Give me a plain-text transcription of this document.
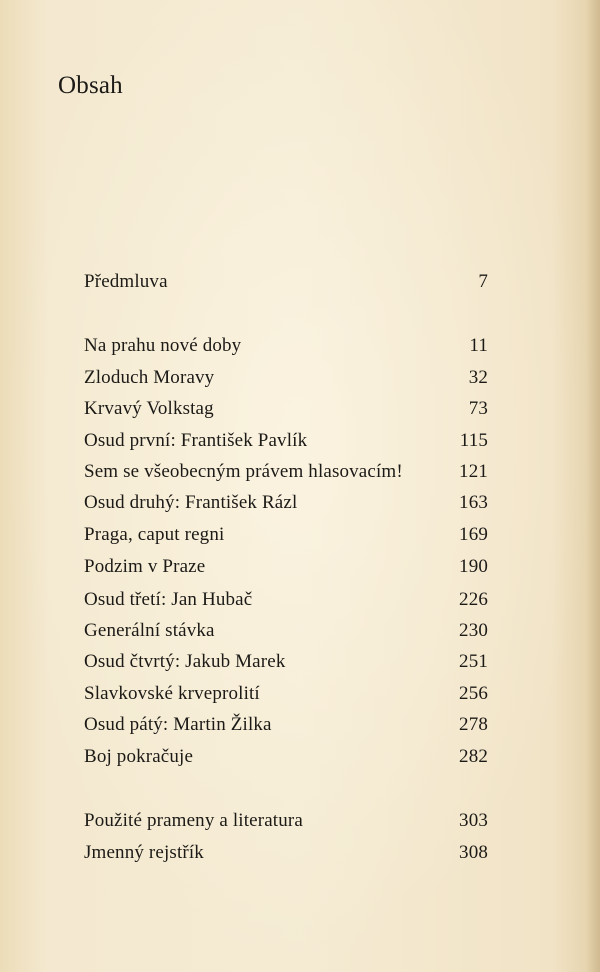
Obsah
Předmluva	7
Na prahu nové doby	11
Zloduch Moravy	32
Krvavý Volkstag	73
Osud první: František Pavlík	115
Sem se všeobecným právem hlasovacím!	121
Osud druhý: František Rázl	163
Praga, caput regni	169
Podzim v Praze	190
Osud třetí: Jan Hubač	226
Generální stávka	230
Osud čtvrtý: Jakub Marek	251
Slavkovské krveprolití	256
Osud pátý: Martin Žilka	278
Boj pokračuje	282
Použité prameny a literatura	303
Jmenný rejstřík	308
